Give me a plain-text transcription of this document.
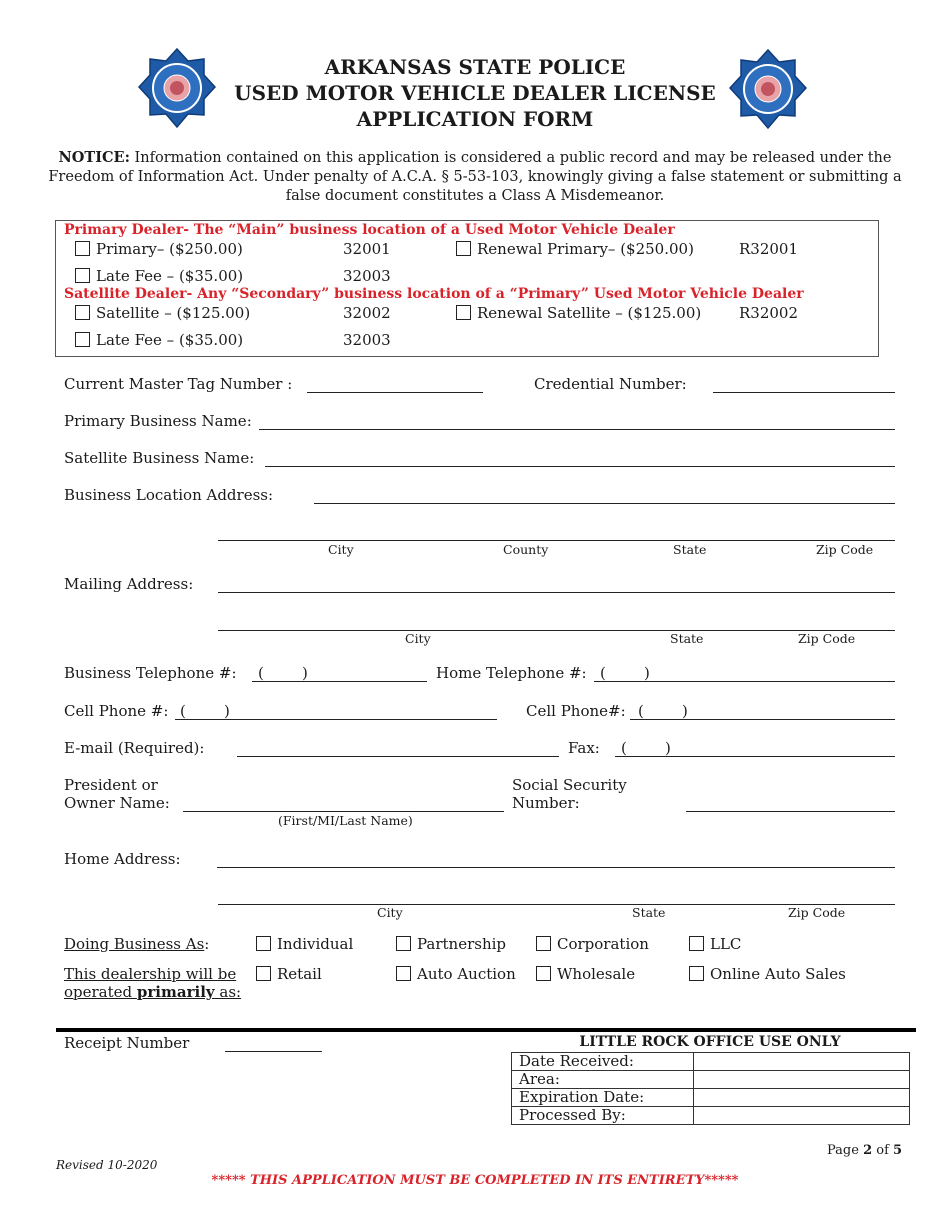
ARKANSAS STATE POLICE
USED MOTOR VEHICLE DEALER LICENSE
APPLICATION FORM
NOTICE: Information contained on this application is considered a public record and may be released under the Freedom of Information Act. Under penalty of A.C.A. § 5-53-103, knowingly giving a false statement or submitting a false document constitutes a Class A Misdemeanor.
Primary Dealer- The “Main” business location of a Used Motor Vehicle Dealer
Primary– ($250.00)	32001	Renewal Primary– ($250.00)	R32001
Late Fee – ($35.00)	32003
Satellite Dealer- Any “Secondary” business location of a “Primary” Used Motor Vehicle Dealer
Satellite – ($125.00)	32002	Renewal Satellite – ($125.00)	R32002
Late Fee – ($35.00)	32003
Current Master Tag Number :	Credential Number:
Primary Business Name:
Satellite Business Name:
Business Location Address:
City	County	State	Zip Code
Mailing Address:
City	State	Zip Code
Business Telephone #: (        )	Home Telephone #: (        )
Cell Phone #: (        )	Cell Phone#: (        )
E-mail (Required):	Fax: (        )
President or
Owner Name:
(First/MI/Last Name)
Social Security
Number:
Home Address:
City	State	Zip Code
Doing Business As:	Individual	Partnership	Corporation	LLC
This dealership will be
operated primarily as:
Retail	Auto Auction	Wholesale	Online Auto Sales
Receipt Number	LITTLE ROCK OFFICE USE ONLY
Date Received:	
Area:	
Expiration Date:	
Processed By:	
Page 2 of 5
Revised 10-2020
***** THIS APPLICATION MUST BE COMPLETED IN ITS ENTIRETY*****
